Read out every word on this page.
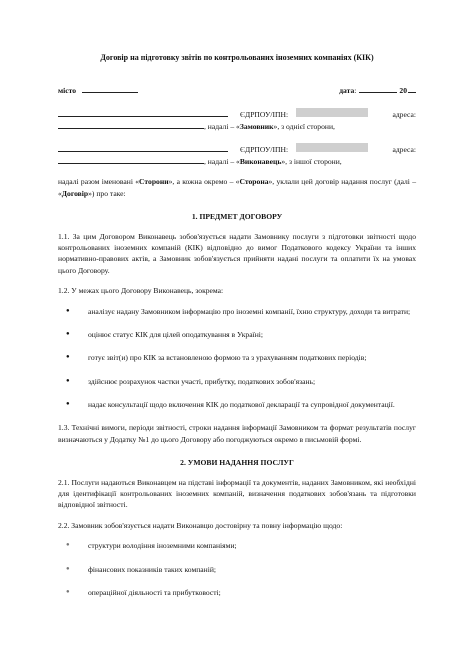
Договір на підготовку звітів по контрольованих іноземних компаніях (КІК)
місто	дата :	20
ЄДРПОУ/ІПН:	адреса:
, надалі – « Замовник », з однієї сторони,
ЄДРПОУ/ІПН:	адреса:
, надалі – « Виконавець », з іншої сторони,

надалі разом іменовані «Сторони», а кожна окремо – «Сторона», уклали цей договір надання послуг (далі – «Договір») про таке:

1. ПРЕДМЕТ ДОГОВОРУ

1.1. За цим Договором Виконавець зобов'язується надати Замовнику послуги з підготовки звітності щодо контрольованих іноземних компаній (КІК) відповідно до вимог Податкового кодексу України та інших нормативно-правових актів, а Замовник зобов'язується прийняти надані послуги та оплатити їх на умовах цього Договору.

1.2. У межах цього Договору Виконавець, зокрема:

● аналізує надану Замовником інформацію про іноземні компанії, їхню структуру, доходи та витрати;
● оцінює статус КІК для цілей оподаткування в Україні;
● готує звіт(и) про КІК за встановленою формою та з урахуванням податкових періодів;
● здійснює розрахунок частки участі, прибутку, податкових зобов'язань;
● надає консультації щодо включення КІК до податкової декларації та супровідної документації.

1.3. Технічні вимоги, періоди звітності, строки надання інформації Замовником та формат результатів послуг визначаються у Додатку №1 до цього Договору або погоджуються окремо в письмовій формі.

2. УМОВИ НАДАННЯ ПОСЛУГ

2.1. Послуги надаються Виконавцем на підставі інформації та документів, наданих Замовником, які необхідні для ідентифікації контрольованих іноземних компаній, визначення податкових зобов'язань та підготовки відповідної звітності.

2.2. Замовник зобов'язується надати Виконавцю достовірну та повну інформацію щодо:

● структури володіння іноземними компаніями;
● фінансових показників таких компаній;
● операційної діяльності та прибутковості;
